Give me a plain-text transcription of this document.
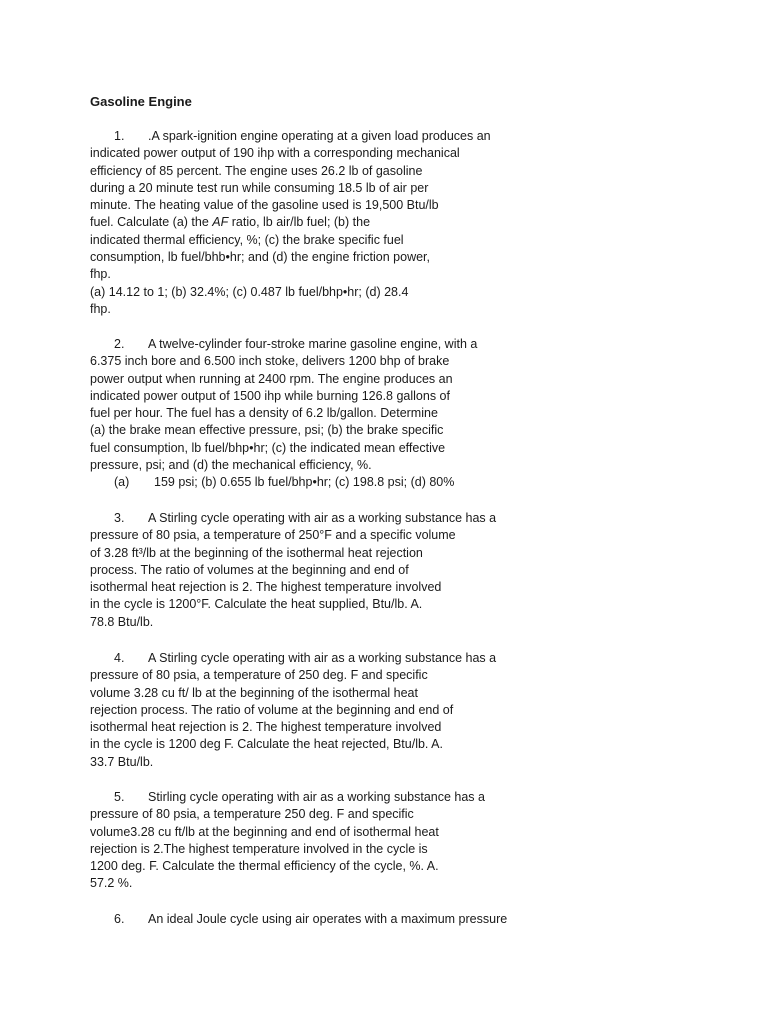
Gasoline Engine
1. .A spark-ignition engine operating at a given load produces an
indicated power output of 190 ihp with a corresponding mechanical
efficiency of 85 percent. The engine uses 26.2 lb of gasoline
during a 20 minute test run while consuming 18.5 lb of air per
minute. The heating value of the gasoline used is 19,500 Btu/lb
fuel. Calculate (a) the AF ratio, lb air/lb fuel; (b) the
indicated thermal efficiency, %; (c) the brake specific fuel
consumption, lb fuel/bhb•hr; and (d) the engine friction power,
fhp.
(a) 14.12 to 1; (b) 32.4%; (c) 0.487 lb fuel/bhp•hr; (d) 28.4
fhp.
2. A twelve-cylinder four-stroke marine gasoline engine, with a
6.375 inch bore and 6.500 inch stoke, delivers 1200 bhp of brake
power output when running at 2400 rpm. The engine produces an
indicated power output of 1500 ihp while burning 126.8 gallons of
fuel per hour. The fuel has a density of 6.2 lb/gallon. Determine
(a) the brake mean effective pressure, psi; (b) the brake specific
fuel consumption, lb fuel/bhp•hr; (c) the indicated mean effective
pressure, psi; and (d) the mechanical efficiency, %.
(a) 159 psi; (b) 0.655 lb fuel/bhp•hr; (c) 198.8 psi; (d) 80%
3. A Stirling cycle operating with air as a working substance has a
pressure of 80 psia, a temperature of 250°F and a specific volume
of 3.28 ft³/lb at the beginning of the isothermal heat rejection
process. The ratio of volumes at the beginning and end of
isothermal heat rejection is 2. The highest temperature involved
in the cycle is 1200°F. Calculate the heat supplied, Btu/lb. A.
78.8 Btu/lb.
4. A Stirling cycle operating with air as a working substance has a
pressure of 80 psia, a temperature of 250 deg. F and specific
volume 3.28 cu ft/ lb at the beginning of the isothermal heat
rejection process. The ratio of volume at the beginning and end of
isothermal heat rejection is 2. The highest temperature involved
in the cycle is 1200 deg F. Calculate the heat rejected, Btu/lb. A.
33.7 Btu/lb.
5. Stirling cycle operating with air as a working substance has a
pressure of 80 psia, a temperature 250 deg. F and specific
volume3.28 cu ft/lb at the beginning and end of isothermal heat
rejection is 2.The highest temperature involved in the cycle is
1200 deg. F. Calculate the thermal efficiency of the cycle, %. A.
57.2 %.
6. An ideal Joule cycle using air operates with a maximum pressure
